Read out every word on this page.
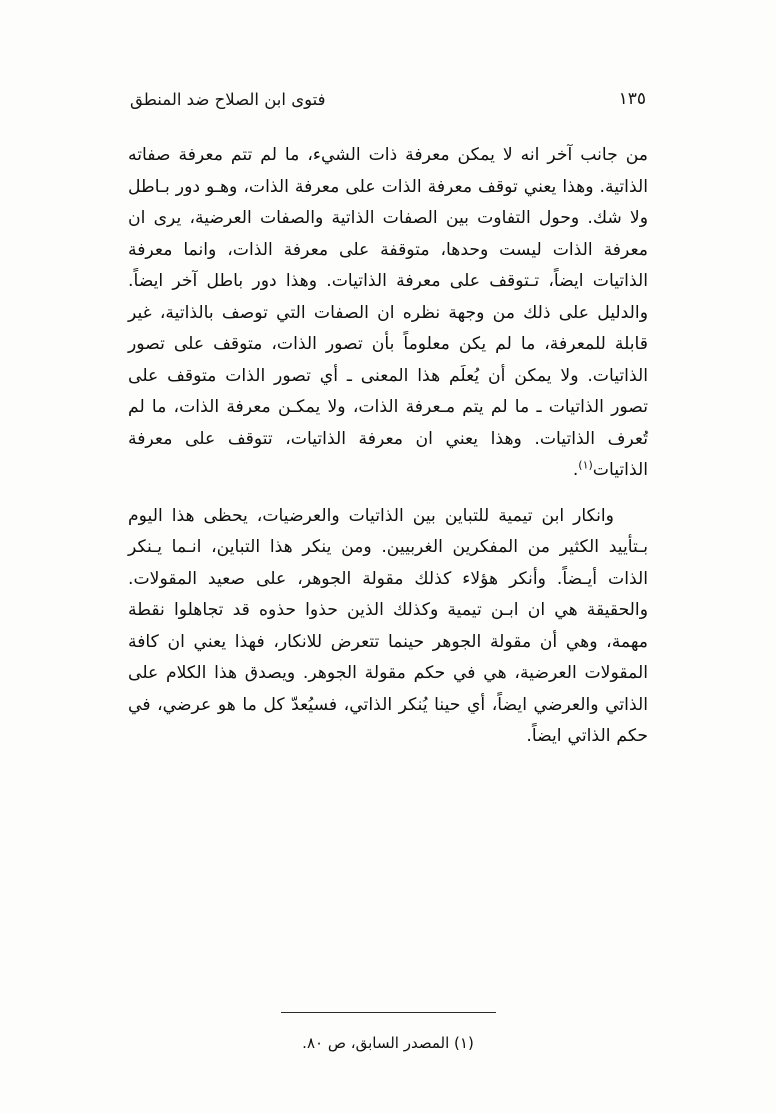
فتوى ابن الصلاح ضد المنطق	١٣٥

من جانب آخر انه لا يمكن معرفة ذات الشيء، ما لم تتم معرفة صفاته الذاتية. وهذا يعني توقف معرفة الذات على معرفة الذات، وهـو دور بـاطل ولا شك. وحول التفاوت بين الصفات الذاتية والصفات العرضية، يرى ان معرفة الذات ليست وحدها، متوقفة على معرفة الذات، وانما معرفة الذاتيات ايضاً، تـتوقف على معرفة الذاتيات. وهذا دور باطل آخر ايضاً. والدليل على ذلك من وجهة نظره ان الصفات التي توصف بالذاتية، غير قابلة للمعرفة، ما لم يكن معلوماً بأن تصور الذات، متوقف على تصور الذاتيات. ولا يمكن أن يُعلَم هذا المعنى ـ أي تصور الذات متوقف على تصور الذاتيات ـ ما لم يتم مـعرفة الذات، ولا يمكـن معرفة الذات، ما لم تُعرف الذاتيات. وهذا يعني ان معرفة الذاتيات، تتوقف على معرفة الذاتيات$^{(١)}$.

وانكار ابن تيمية للتباين بين الذاتيات والعرضيات، يحظى هذا اليوم بـتأييد الكثير من المفكرين الغربيين. ومن ينكر هذا التباين، انـما يـنكر الذات أيـضاً. وأنكر هؤلاء كذلك مقولة الجوهر، على صعيد المقولات. والحقيقة هي ان ابـن تيمية وكذلك الذين حذوا حذوه قد تجاهلوا نقطة مهمة، وهي أن مقولة الجوهر حينما تتعرض للانكار، فهذا يعني ان كافة المقولات العرضية، هي في حكم مقولة الجوهر. ويصدق هذا الكلام على الذاتي والعرضي ايضاً، أي حينا يُنكر الذاتي، فسيُعدّ كل ما هو عرضي، في حكم الذاتي ايضاً.

(١) المصدر السابق، ص ٨٠.
